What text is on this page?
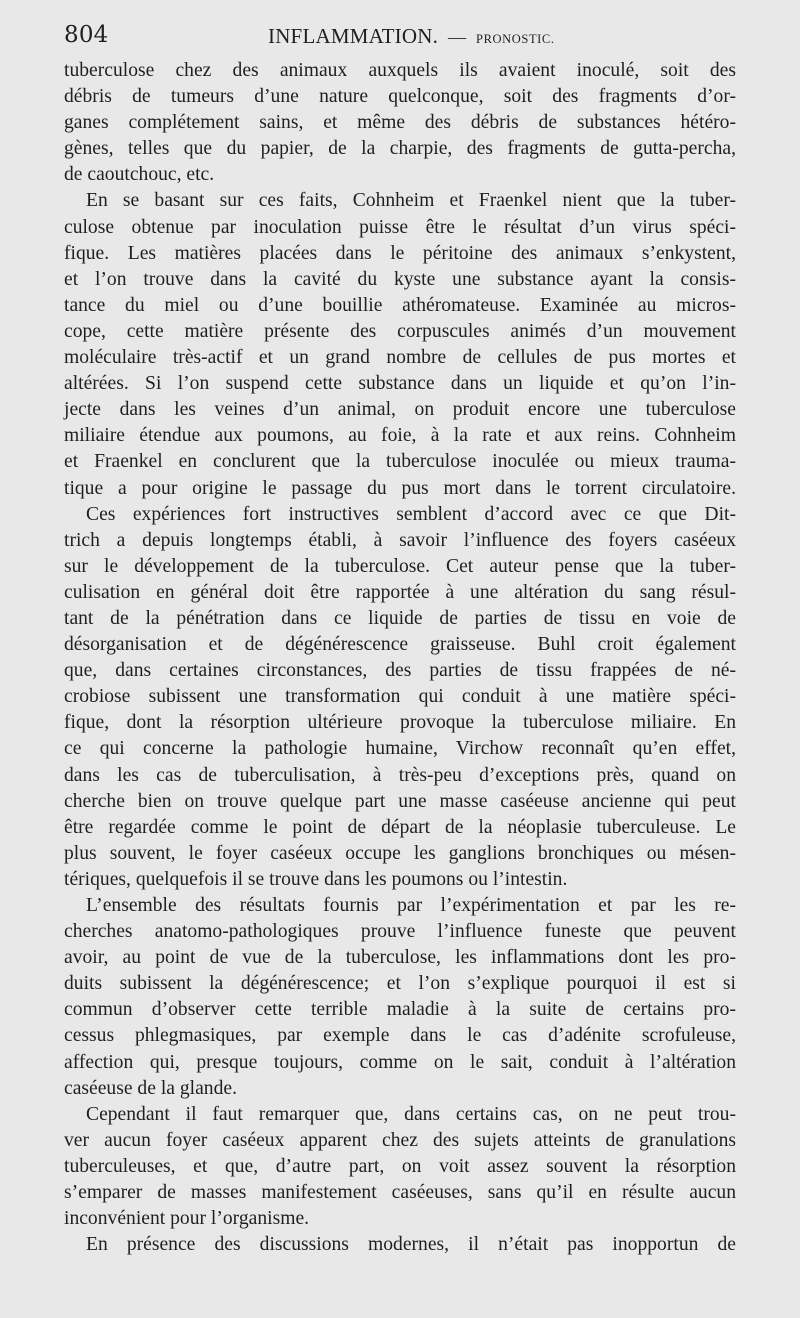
804	INFLAMMATION. — PRONOSTIC.
tuberculose chez des animaux auxquels ils avaient inoculé, soit des
débris de tumeurs d’une nature quelconque, soit des fragments d’or-
ganes complétement sains, et même des débris de substances hétéro-
gènes, telles que du papier, de la charpie, des fragments de gutta-percha,
de caoutchouc, etc.
En se basant sur ces faits, Cohnheim et Fraenkel nient que la tuber-
culose obtenue par inoculation puisse être le résultat d’un virus spéci-
fique. Les matières placées dans le péritoine des animaux s’enkystent,
et l’on trouve dans la cavité du kyste une substance ayant la consis-
tance du miel ou d’une bouillie athéromateuse. Examinée au micros-
cope, cette matière présente des corpuscules animés d’un mouvement
moléculaire très-actif et un grand nombre de cellules de pus mortes et
altérées. Si l’on suspend cette substance dans un liquide et qu’on l’in-
jecte dans les veines d’un animal, on produit encore une tuberculose
miliaire étendue aux poumons, au foie, à la rate et aux reins. Cohnheim
et Fraenkel en conclurent que la tuberculose inoculée ou mieux trauma-
tique a pour origine le passage du pus mort dans le torrent circulatoire.
Ces expériences fort instructives semblent d’accord avec ce que Dit-
trich a depuis longtemps établi, à savoir l’influence des foyers caséeux
sur le développement de la tuberculose. Cet auteur pense que la tuber-
culisation en général doit être rapportée à une altération du sang résul-
tant de la pénétration dans ce liquide de parties de tissu en voie de
désorganisation et de dégénérescence graisseuse. Buhl croit également
que, dans certaines circonstances, des parties de tissu frappées de né-
crobiose subissent une transformation qui conduit à une matière spéci-
fique, dont la résorption ultérieure provoque la tuberculose miliaire. En
ce qui concerne la pathologie humaine, Virchow reconnaît qu’en effet,
dans les cas de tuberculisation, à très-peu d’exceptions près, quand on
cherche bien on trouve quelque part une masse caséeuse ancienne qui peut
être regardée comme le point de départ de la néoplasie tuberculeuse. Le
plus souvent, le foyer caséeux occupe les ganglions bronchiques ou mésen-
tériques, quelquefois il se trouve dans les poumons ou l’intestin.
L’ensemble des résultats fournis par l’expérimentation et par les re-
cherches anatomo-pathologiques prouve l’influence funeste que peuvent
avoir, au point de vue de la tuberculose, les inflammations dont les pro-
duits subissent la dégénérescence; et l’on s’explique pourquoi il est si
commun d’observer cette terrible maladie à la suite de certains pro-
cessus phlegmasiques, par exemple dans le cas d’adénite scrofuleuse,
affection qui, presque toujours, comme on le sait, conduit à l’altération
caséeuse de la glande.
Cependant il faut remarquer que, dans certains cas, on ne peut trou-
ver aucun foyer caséeux apparent chez des sujets atteints de granulations
tuberculeuses, et que, d’autre part, on voit assez souvent la résorption
s’emparer de masses manifestement caséeuses, sans qu’il en résulte aucun
inconvénient pour l’organisme.
En présence des discussions modernes, il n’était pas inopportun de
